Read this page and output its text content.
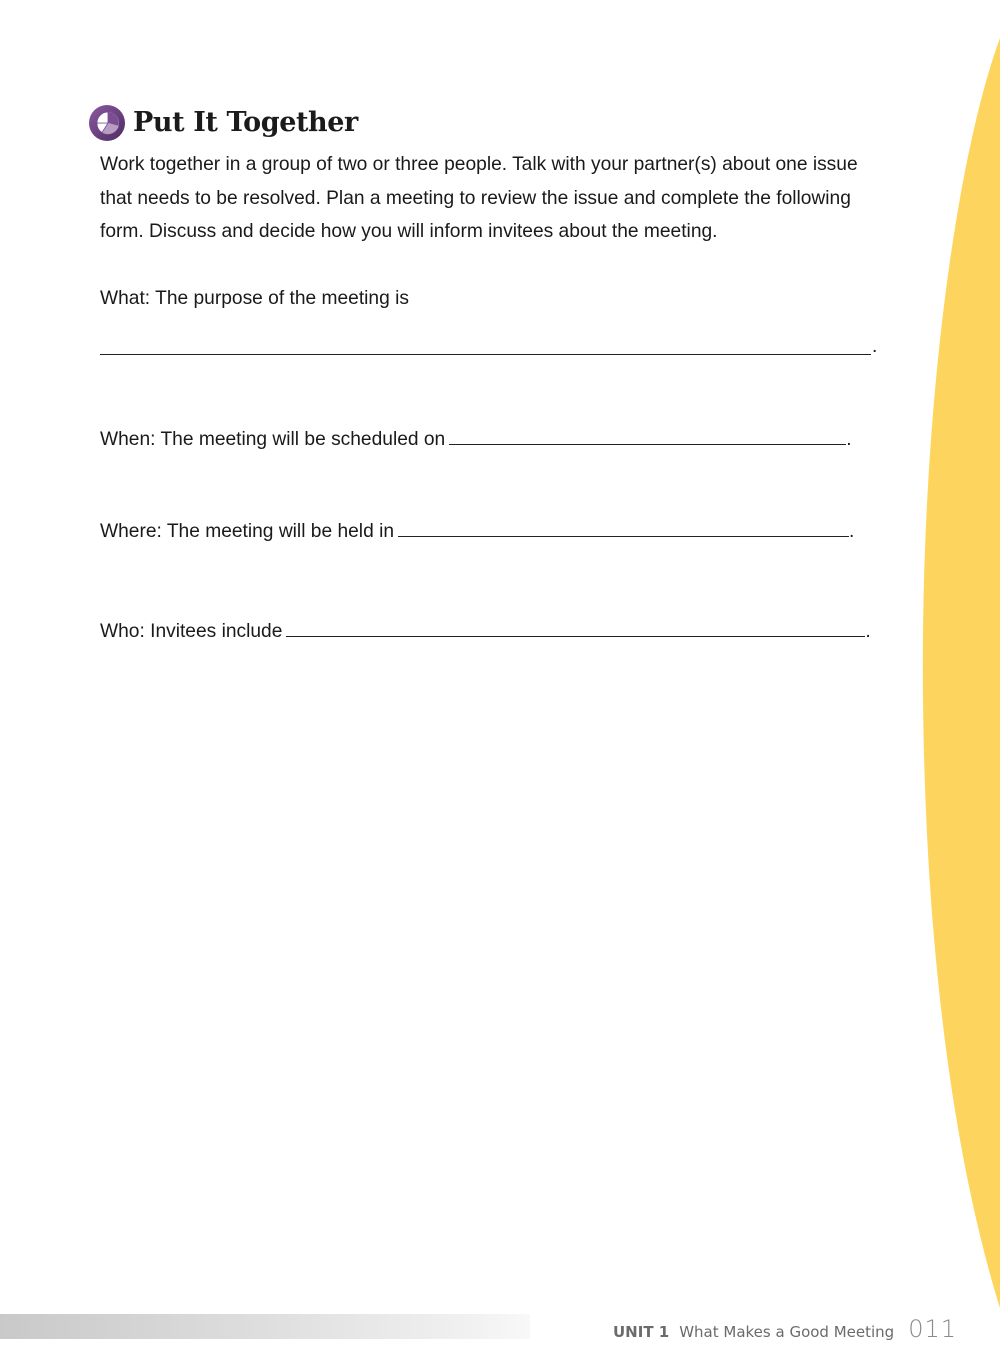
Put It Together

Work together in a group of two or three people. Talk with your partner(s) about one issue that needs to be resolved. Plan a meeting to review the issue and complete the following form. Discuss and decide how you will inform invitees about the meeting.

What: The purpose of the meeting is

.

When: The meeting will be scheduled on	.

Where: The meeting will be held in	.

Who: Invitees include	.

UNIT 1 What Makes a Good Meeting 011
